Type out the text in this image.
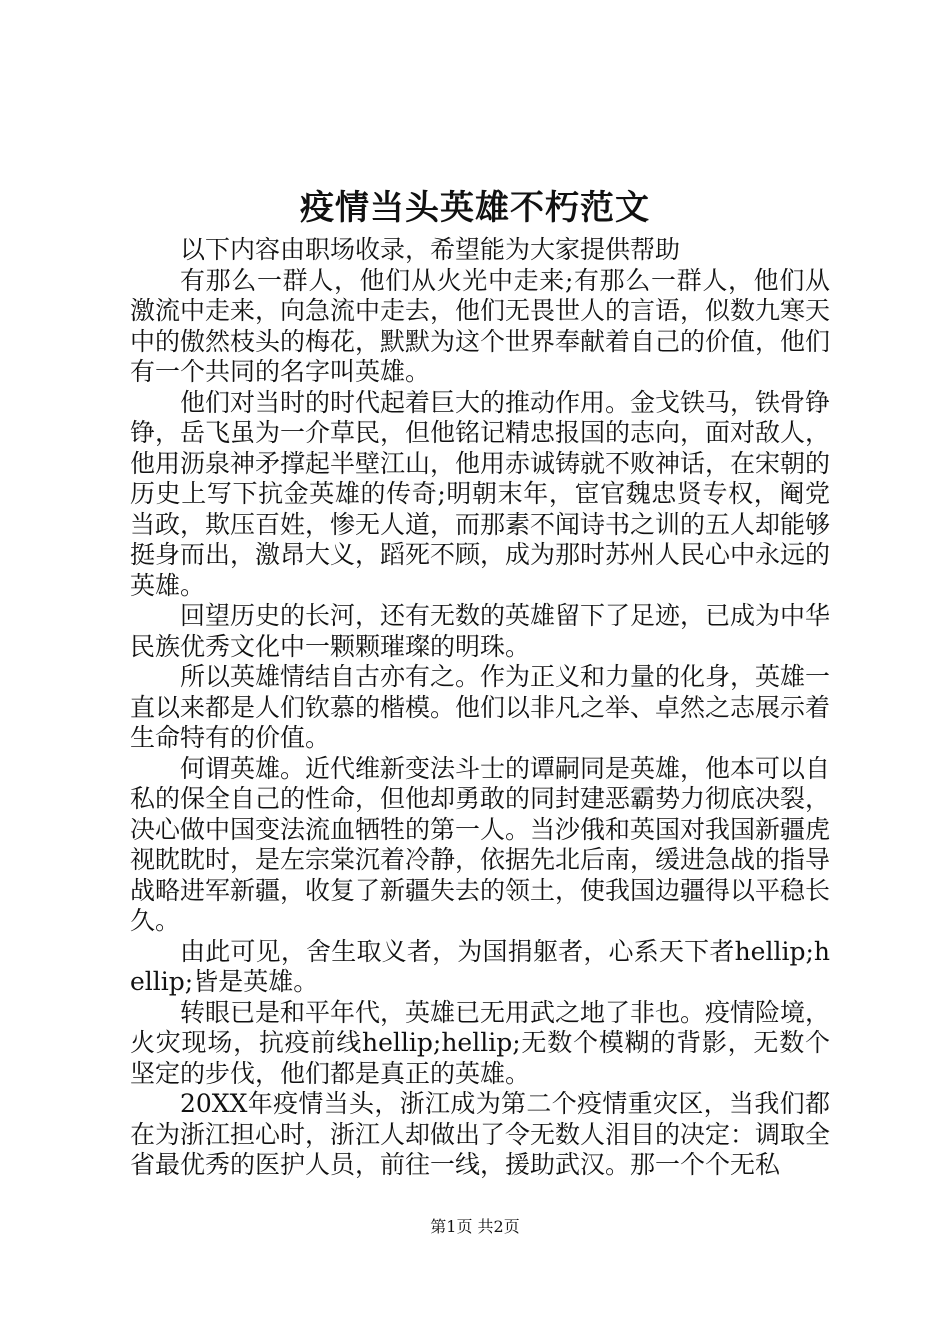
疫情当头英雄不朽范文

以下内容由职场收录，希望能为大家提供帮助

有那么一群人，他们从火光中走来;有那么一群人，他们从激流中走来，向急流中走去，他们无畏世人的言语，似数九寒天中的傲然枝头的梅花，默默为这个世界奉献着自己的价值，他们有一个共同的名字叫英雄。

他们对当时的时代起着巨大的推动作用。金戈铁马，铁骨铮铮，岳飞虽为一介草民，但他铭记精忠报国的志向，面对敌人，他用沥泉神矛撑起半壁江山，他用赤诚铸就不败神话，在宋朝的历史上写下抗金英雄的传奇;明朝末年，宦官魏忠贤专权，阉党当政，欺压百姓，惨无人道，而那素不闻诗书之训的五人却能够挺身而出，激昂大义，蹈死不顾，成为那时苏州人民心中永远的英雄。

回望历史的长河，还有无数的英雄留下了足迹，已成为中华民族优秀文化中一颗颗璀璨的明珠。

所以英雄情结自古亦有之。作为正义和力量的化身，英雄一直以来都是人们钦慕的楷模。他们以非凡之举、卓然之志展示着生命特有的价值。

何谓英雄。近代维新变法斗士的谭嗣同是英雄，他本可以自私的保全自己的性命，但他却勇敢的同封建恶霸势力彻底决裂，决心做中国变法流血牺牲的第一人。当沙俄和英国对我国新疆虎视眈眈时，是左宗棠沉着冷静，依据先北后南，缓进急战的指导战略进军新疆，收复了新疆失去的领土，使我国边疆得以平稳长久。

由此可见，舍生取义者，为国捐躯者，心系天下者hellip;hellip;皆是英雄。

转眼已是和平年代，英雄已无用武之地了非也。疫情险境，火灾现场，抗疫前线hellip;hellip;无数个模糊的背影，无数个坚定的步伐，他们都是真正的英雄。

20XX年疫情当头，浙江成为第二个疫情重灾区，当我们都在为浙江担心时，浙江人却做出了令无数人泪目的决定：调取全省最优秀的医护人员，前往一线，援助武汉。那一个个无私

第1页 共2页
